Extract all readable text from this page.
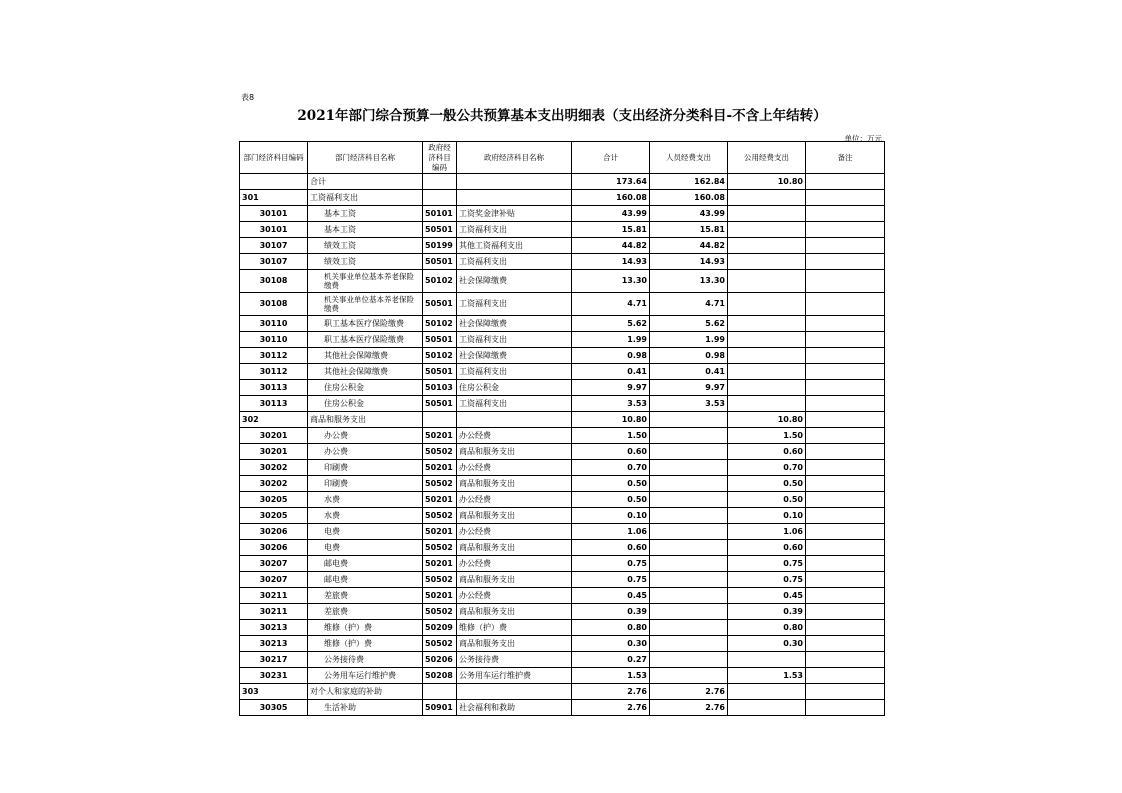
表8
2021年部门综合预算一般公共预算基本支出明细表（支出经济分类科目-不含上年结转）
单位：万元
部门经济科目编码	部门经济科目名称	政府经济科目编码	政府经济科目名称	合计	人员经费支出	公用经费支出	备注
	合计			173.64	162.84	10.80	
301	工资福利支出			160.08	160.08		
30101	基本工资	50101	工资奖金津补贴	43.99	43.99		
30101	基本工资	50501	工资福利支出	15.81	15.81		
30107	绩效工资	50199	其他工资福利支出	44.82	44.82		
30107	绩效工资	50501	工资福利支出	14.93	14.93		
30108	机关事业单位基本养老保险缴费	50102	社会保障缴费	13.30	13.30		
30108	机关事业单位基本养老保险缴费	50501	工资福利支出	4.71	4.71		
30110	职工基本医疗保险缴费	50102	社会保障缴费	5.62	5.62		
30110	职工基本医疗保险缴费	50501	工资福利支出	1.99	1.99		
30112	其他社会保障缴费	50102	社会保障缴费	0.98	0.98		
30112	其他社会保障缴费	50501	工资福利支出	0.41	0.41		
30113	住房公积金	50103	住房公积金	9.97	9.97		
30113	住房公积金	50501	工资福利支出	3.53	3.53		
302	商品和服务支出			10.80		10.80	
30201	办公费	50201	办公经费	1.50		1.50	
30201	办公费	50502	商品和服务支出	0.60		0.60	
30202	印刷费	50201	办公经费	0.70		0.70	
30202	印刷费	50502	商品和服务支出	0.50		0.50	
30205	水费	50201	办公经费	0.50		0.50	
30205	水费	50502	商品和服务支出	0.10		0.10	
30206	电费	50201	办公经费	1.06		1.06	
30206	电费	50502	商品和服务支出	0.60		0.60	
30207	邮电费	50201	办公经费	0.75		0.75	
30207	邮电费	50502	商品和服务支出	0.75		0.75	
30211	差旅费	50201	办公经费	0.45		0.45	
30211	差旅费	50502	商品和服务支出	0.39		0.39	
30213	维修（护）费	50209	维修（护）费	0.80		0.80	
30213	维修（护）费	50502	商品和服务支出	0.30		0.30	
30217	公务接待费	50206	公务接待费	0.27			
30231	公务用车运行维护费	50208	公务用车运行维护费	1.53		1.53	
303	对个人和家庭的补助			2.76	2.76		
30305	生活补助	50901	社会福利和救助	2.76	2.76		
